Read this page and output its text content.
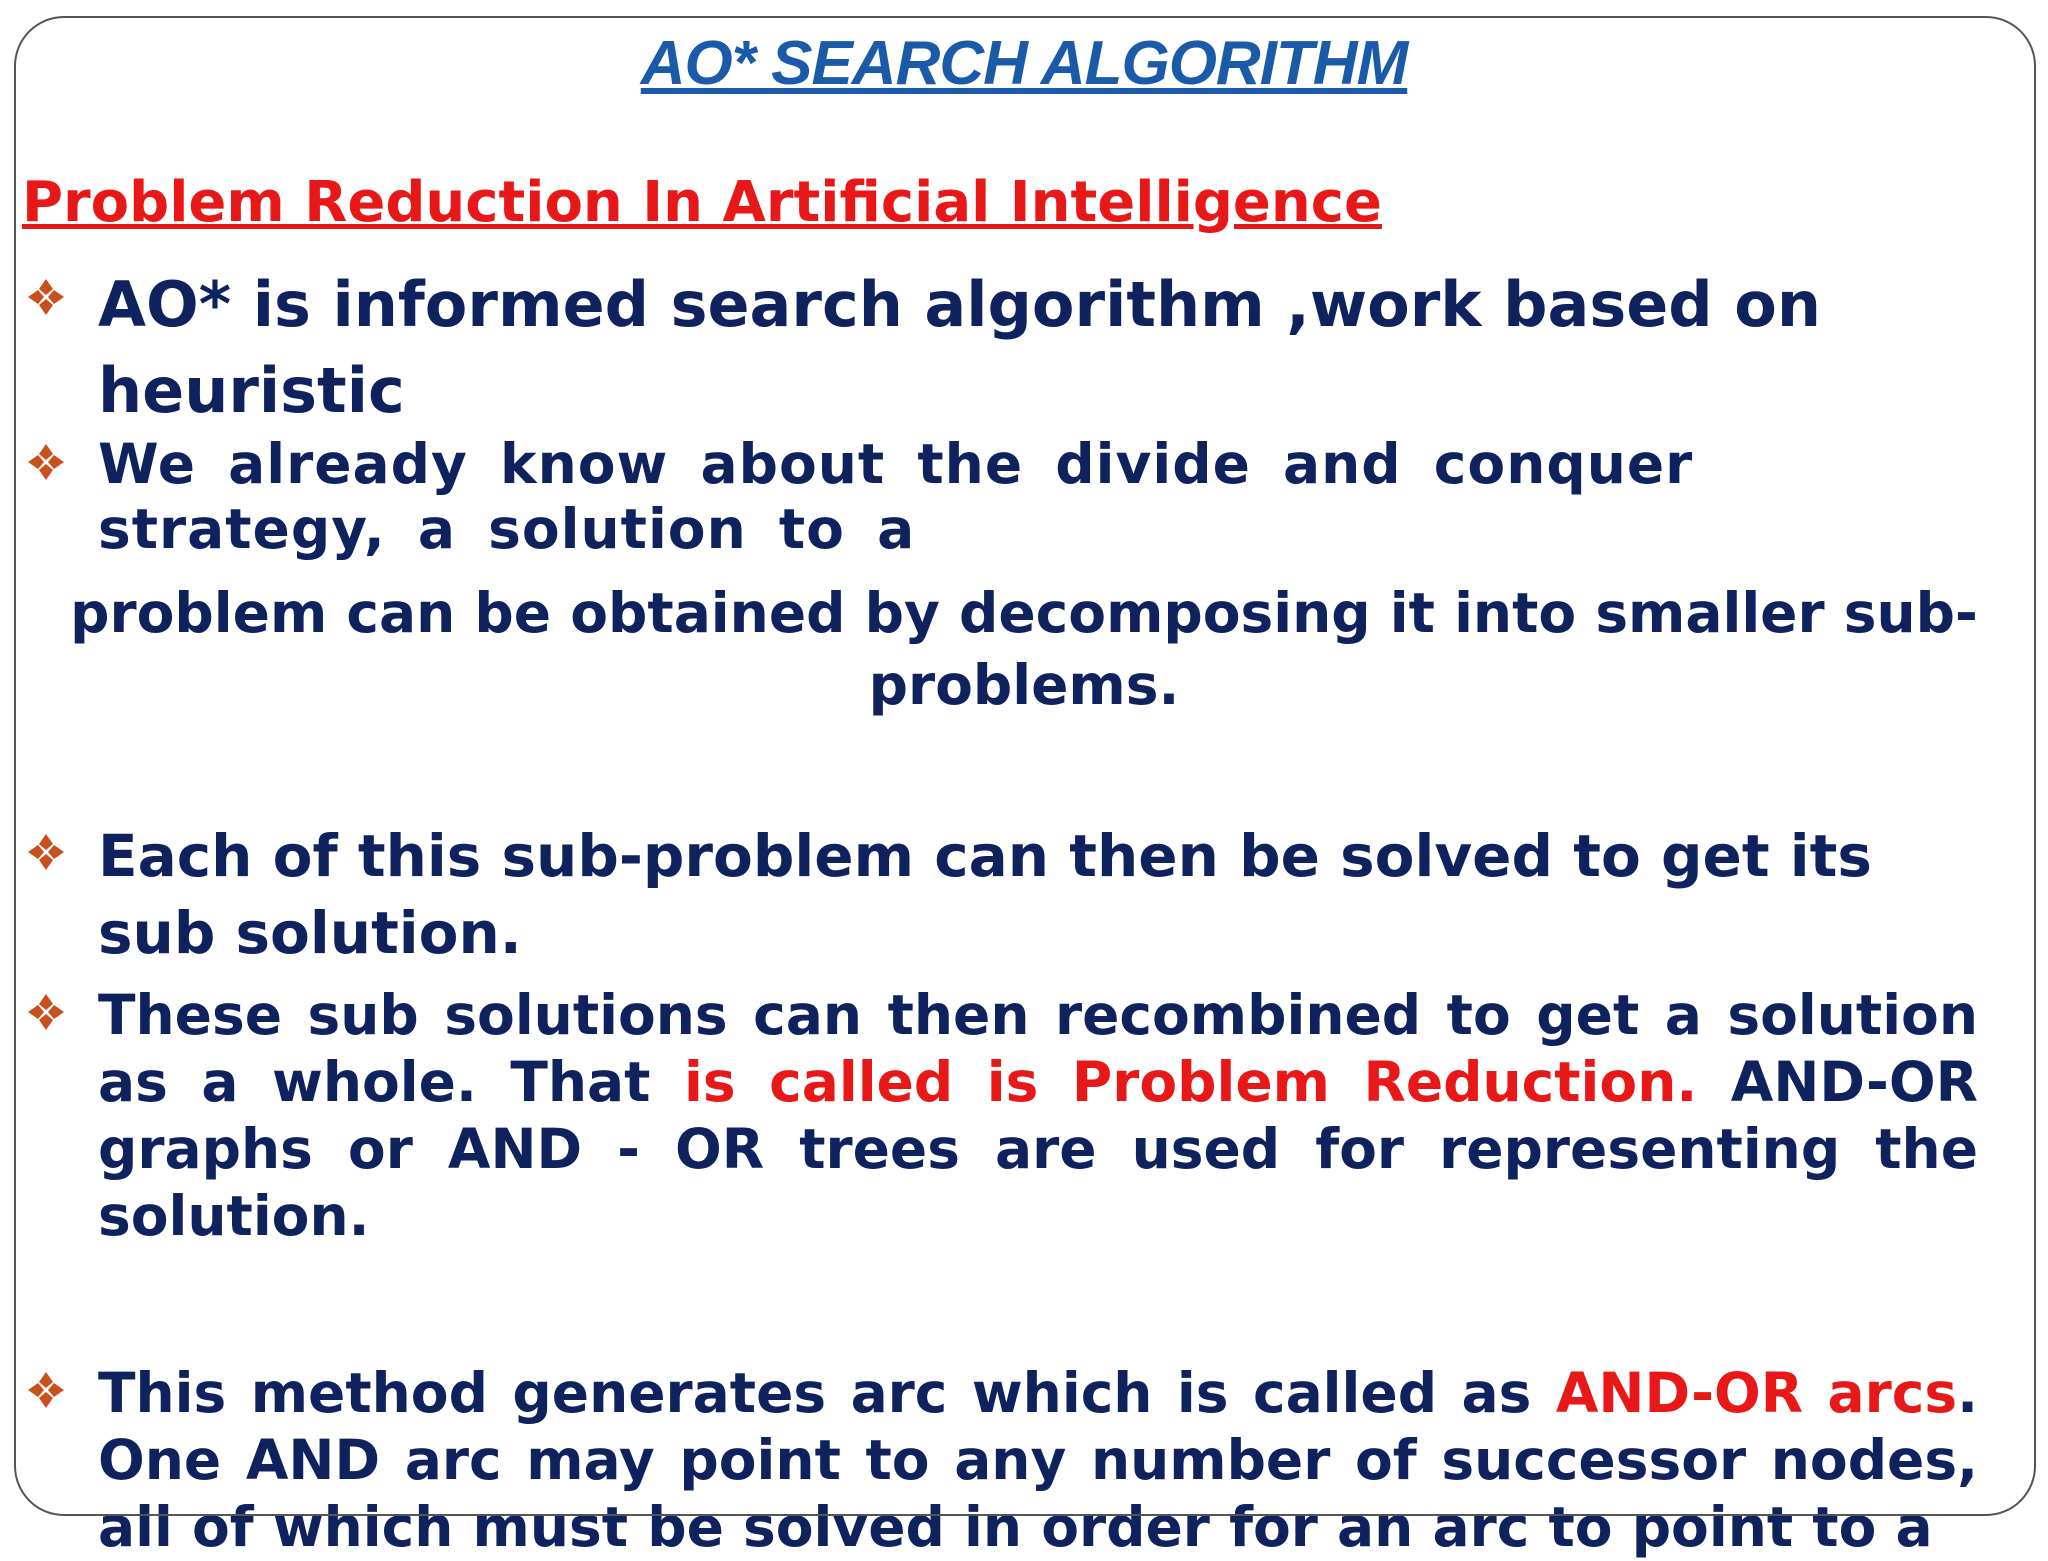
AO* SEARCH ALGORITHM
Problem Reduction In Artificial Intelligence
AO* is informed search algorithm ,work based on heuristic
We already know about the divide and conquer strategy, a solution to a
problem can be obtained by decomposing it into smaller sub-problems.
Each of this sub-problem can then be solved to get its sub solution.
These sub solutions can then recombined to get a solution as a whole. That is called is Problem Reduction. AND-OR graphs or AND - OR trees are used for representing the solution.
This method generates arc which is called as AND-OR arcs. One AND arc may point to any number of successor nodes, all of which must be solved in order for an arc to point to a
